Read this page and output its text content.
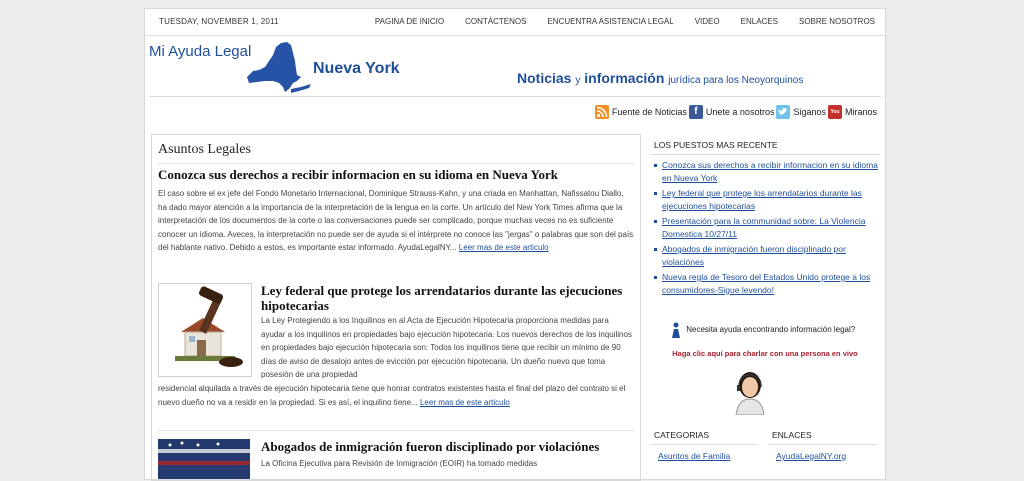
TUESDAY, NOVEMBER 1, 2011	PAGINA DE INICIO	CONTÁCTENOS	ENCUENTRA ASISTENCIA LEGAL	VIDEO	ENLACES	SOBRE NOSOTROS
Mi Ayuda Legal
Nueva York
Noticias y información jurídica para los Neoyorquinos
Fuente de Noticias f Unete a nosotros Siganos You Miranos
Asuntos Legales
Conozca sus derechos a recibir informacion en su idioma en Nueva York

El caso sobre el ex jefe del Fondo Monetario Internacional, Dominique Strauss-Kahn, y una criada en Manhattan, Nafissatou Diallo, ha dado mayor atención a la importancia de la interpretación de la lengua en la corte. Un artículo del New York Times afirma que la interpretación de los documentos de la corte o las conversaciones puede ser complicado, porque muchas veces no es suficiente conocer un idioma. Aveces, la interpretación no puede ser de ayuda si el intérprete no conoce las "jergas" o palabras que son del país del hablante nativo. Debido a estos, es importante estar informado. AyudaLegalNY... Leer mas de este articulo

Ley federal que protege los arrendatarios durante las ejecuciones hipotecarias

La Ley Protegiendo a los Inquilinos en al Acta de Ejecución Hipotecaria proporciona medidas para ayudar a los inquilinos en propiedades bajo ejecución hipotecaria. Los nuevos derechos de los inquilinos en propiedades bajo ejecución hipotecaria son: Todos los inquilinos tiene que recibir un mínimo de 90 días de aviso de desalojo antes de evicción por ejecución hipotecaria. Un dueño nuevo que toma posesión de una propiedad

residencial alquilada a través de ejecución hipotecaria tiene que honrar contratos existentes hasta el final del plazo del contrato si el nuevo dueño no va a residir en la propiedad. Si es así, el inquilino tiene... Leer mas de este articulo

Abogados de inmigración fueron disciplinado por violaciónes

La Oficina Ejecutiva para Revisión de Inmigración (EOIR) ha tomado medidas

LOS PUESTOS MAS RECENTE
Conozca sus derechos a recibir informacion en su idioma en Nueva York
Ley federal que protege los arrendatarios durante las ejecuciones hipotecarias
Presentación para la communidad sobre: La Violencia Domestica 10/27/11
Abogados de inmigración fueron disciplinado por violaciónes
Nueva regla de Tesoro del Estados Unido protege a los consumidores-Sigue levendo!
Necesita ayuda encontrando información legal?
Haga clic aquí para charlar con una persona en vivo
CATEGORIAS
Asuntos de Familia
ENLACES
AyudaLegalNY.org
